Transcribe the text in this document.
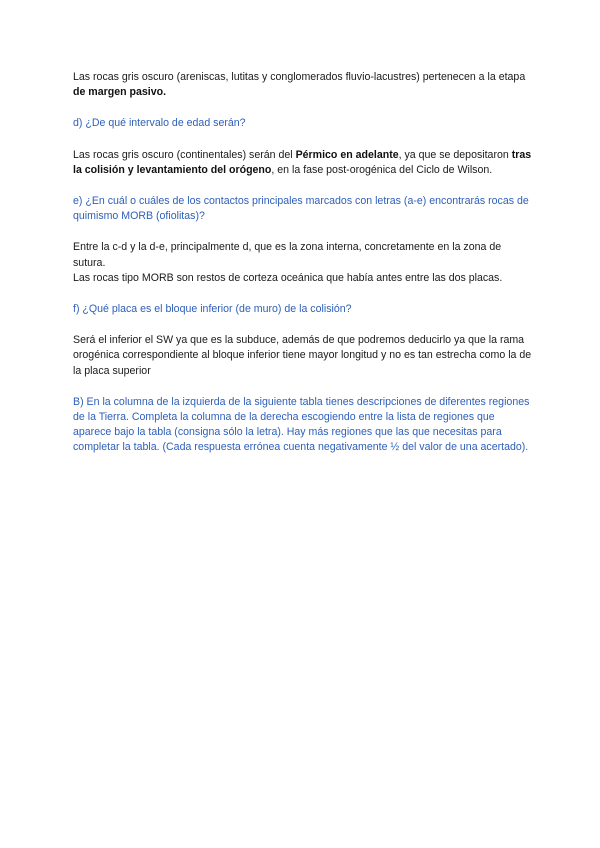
Las rocas gris oscuro (areniscas, lutitas y conglomerados fluvio-lacustres) pertenecen a la etapa de margen pasivo.

d) ¿De qué intervalo de edad serán?

Las rocas gris oscuro (continentales) serán del Pérmico en adelante, ya que se depositaron tras la colisión y levantamiento del orógeno, en la fase post-orogénica del Ciclo de Wilson.

e) ¿En cuál o cuáles de los contactos principales marcados con letras (a-e) encontrarás rocas de quimismo MORB (ofiolitas)?

Entre la c-d y la d-e, principalmente d, que es la zona interna, concretamente en la zona de sutura.

Las rocas tipo MORB son restos de corteza oceánica que había antes entre las dos placas.

f) ¿Qué placa es el bloque inferior (de muro) de la colisión?

Será el inferior el SW ya que es la subduce, además de que podremos deducirlo ya que la rama orogénica correspondiente al bloque inferior tiene mayor longitud y no es tan estrecha como la de la placa superior

B) En la columna de la izquierda de la siguiente tabla tienes descripciones de diferentes regiones de la Tierra. Completa la columna de la derecha escogiendo entre la lista de regiones que aparece bajo la tabla (consigna sólo la letra). Hay más regiones que las que necesitas para completar la tabla. (Cada respuesta errónea cuenta negativamente ½ del valor de una acertado).
